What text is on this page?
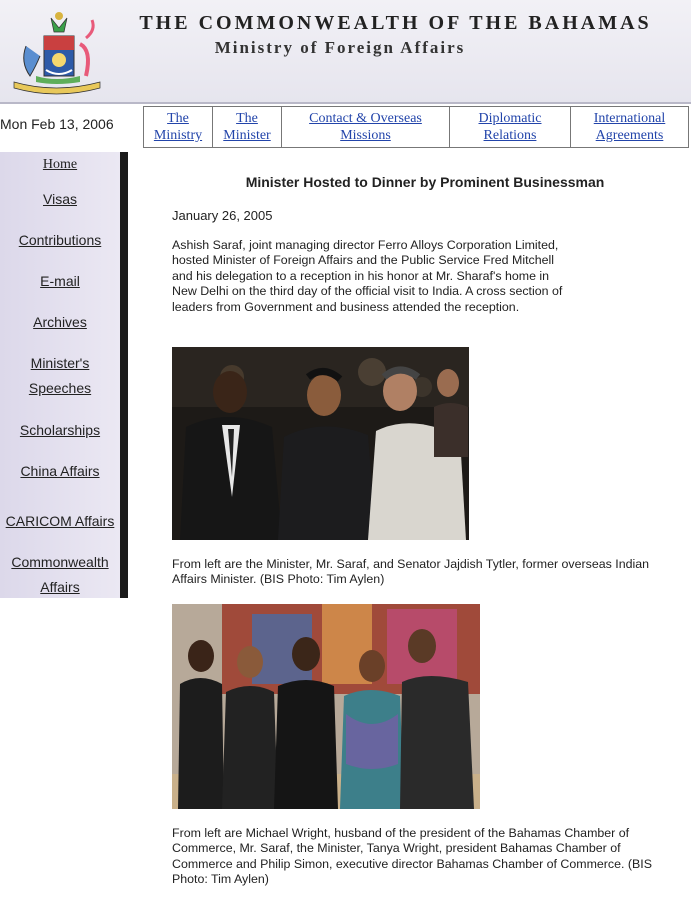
THE COMMONWEALTH OF THE BAHAMAS
Ministry of Foreign Affairs
Mon Feb 13, 2006	The
Ministry
The
Minister
Contact & Overseas
Missions
Diplomatic
Relations
International
Agreements
Home
Visas
Contributions
E-mail
Archives
Minister's
Speeches
Scholarships
China Affairs
CARICOM Affairs
Commonwealth
Affairs
Minister Hosted to Dinner by Prominent Businessman
January 26, 2005
Ashish Saraf, joint managing director Ferro Alloys Corporation Limited, hosted Minister of Foreign Affairs and the Public Service Fred Mitchell and his delegation to a reception in his honor at Mr. Sharaf's home in New Delhi on the third day of the official visit to India. A cross section of leaders from Government and business attended the reception.
From left are the Minister, Mr. Saraf, and Senator Jajdish Tytler, former overseas Indian Affairs Minister. (BIS Photo: Tim Aylen)
From left are Michael Wright, husband of the president of the Bahamas Chamber of Commerce, Mr. Saraf, the Minister, Tanya Wright, president Bahamas Chamber of Commerce and Philip Simon, executive director Bahamas Chamber of Commerce. (BIS Photo: Tim Aylen)
